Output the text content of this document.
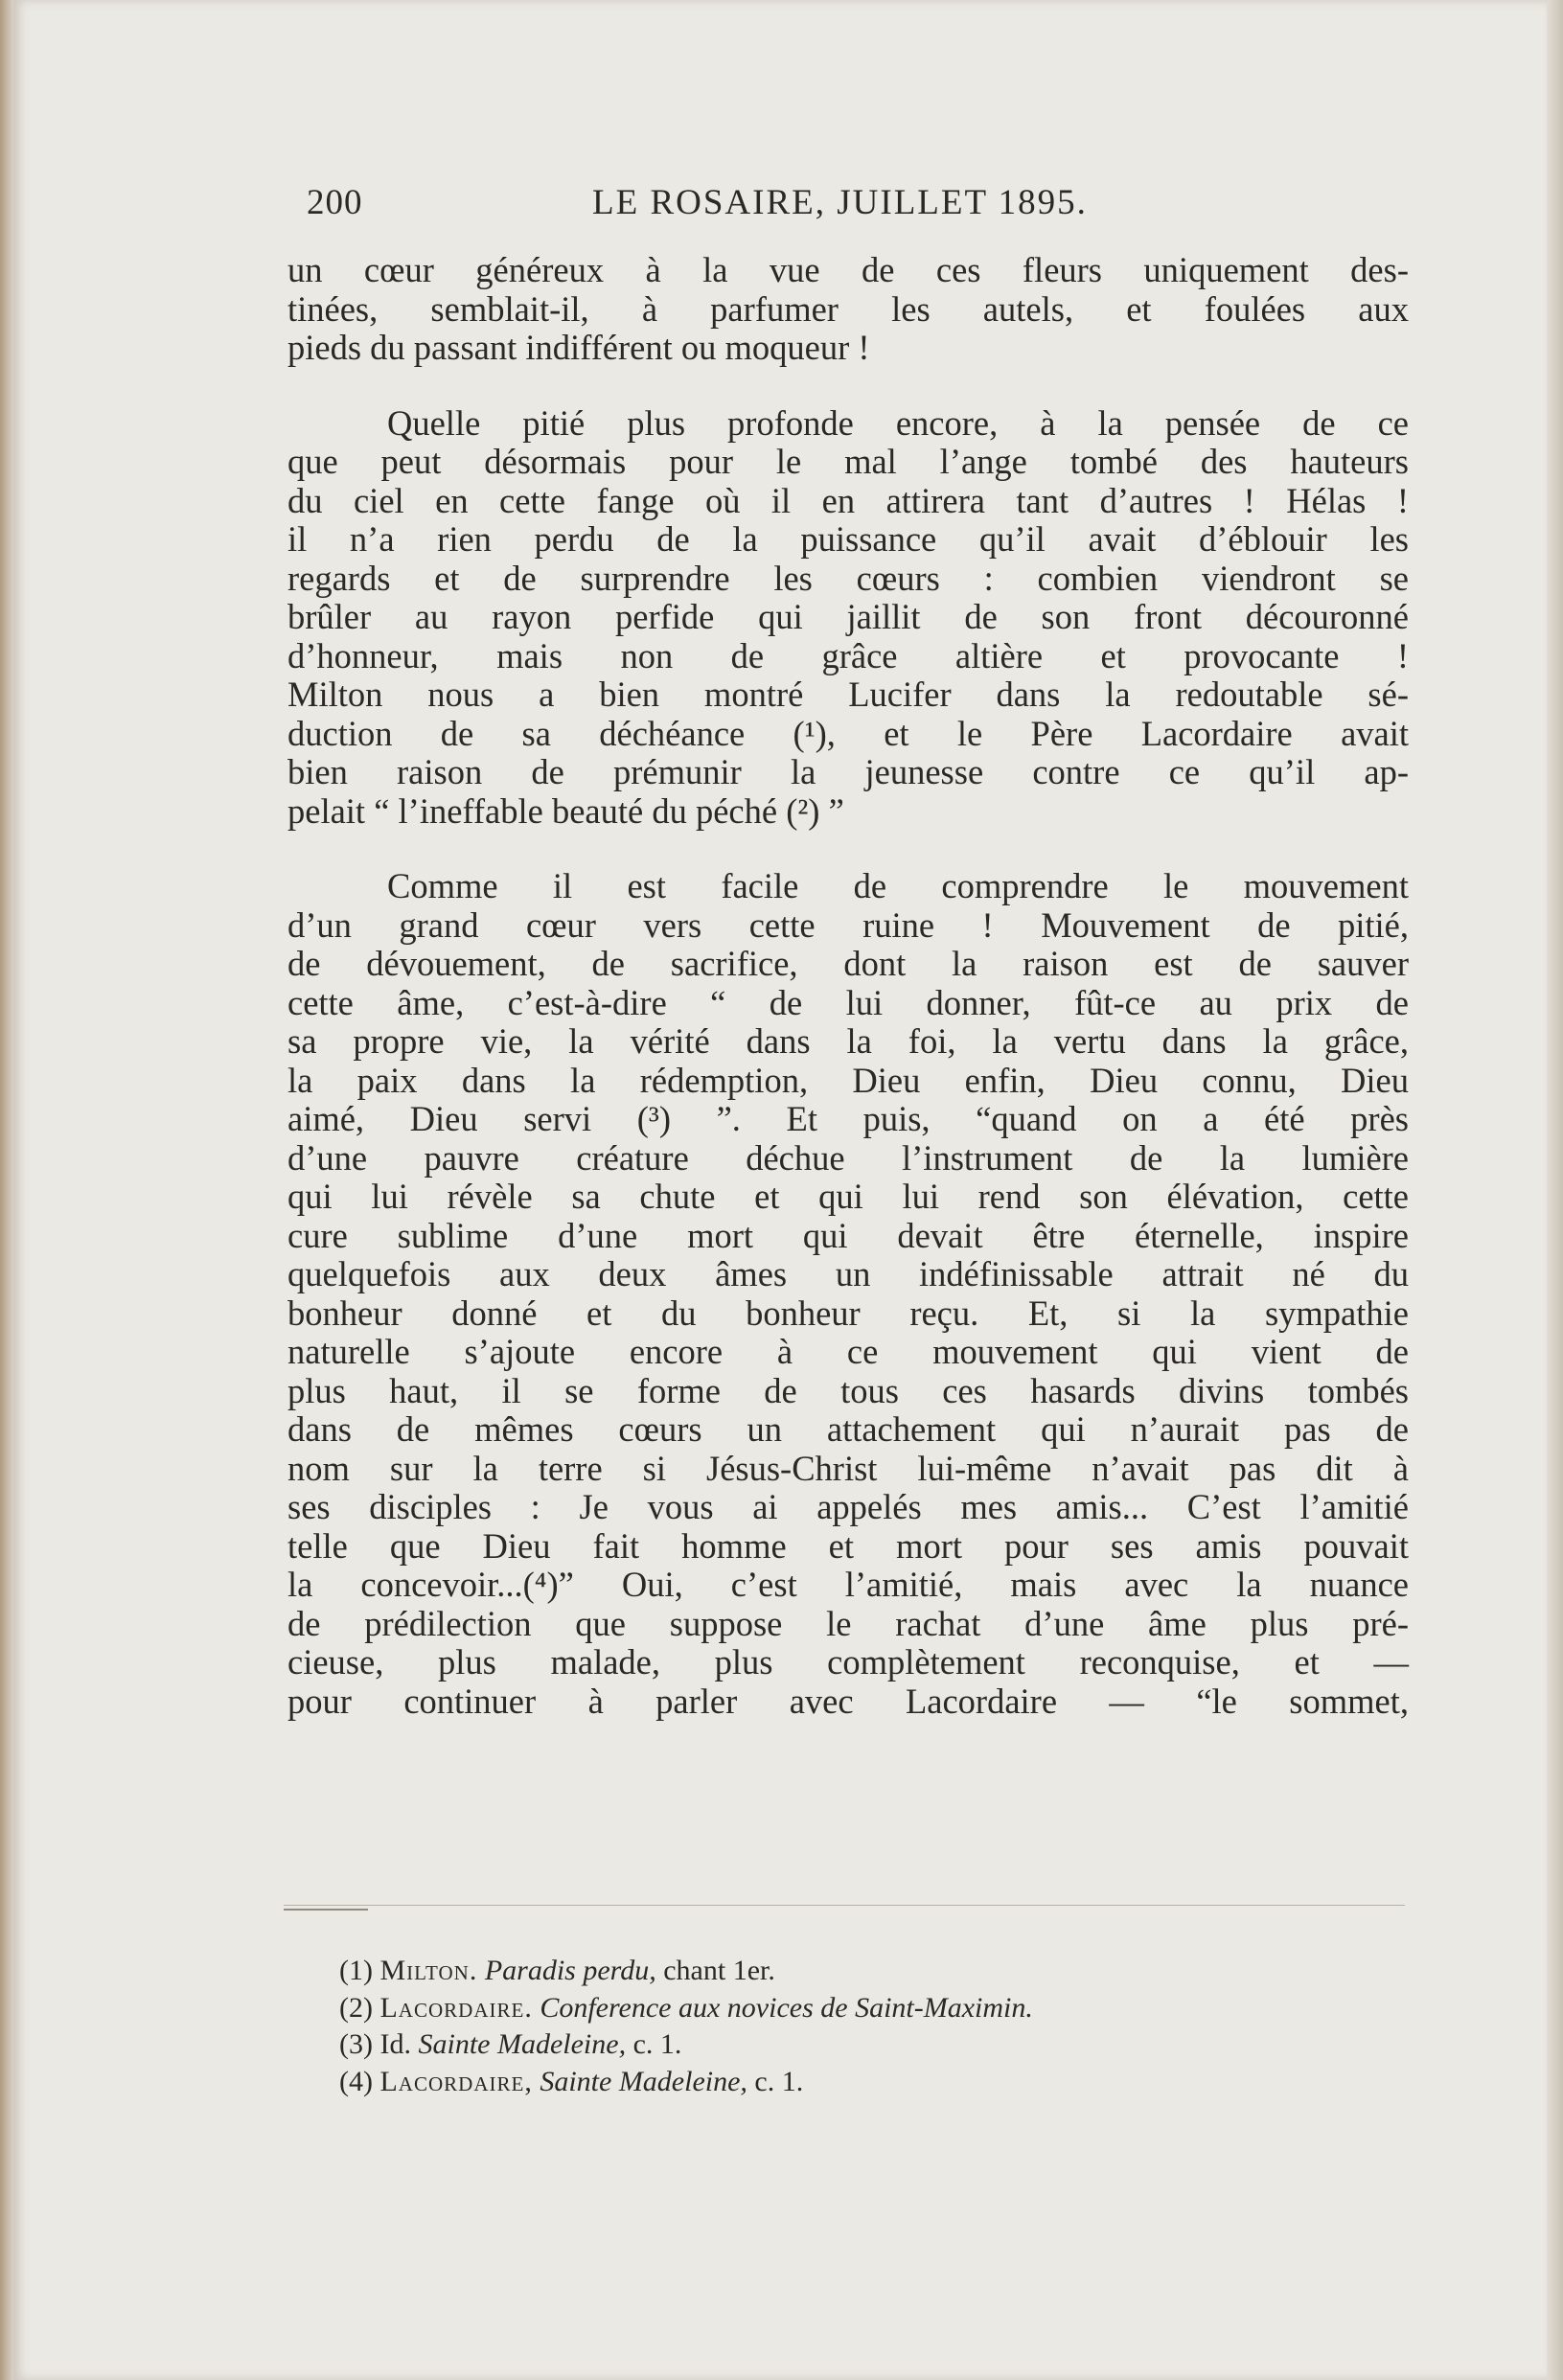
200	LE ROSAIRE, JUILLET 1895.
un cœur généreux à la vue de ces fleurs uniquement des-
tinées, semblait-il, à parfumer les autels, et foulées aux
pieds du passant indifférent ou moqueur !
Quelle pitié plus profonde encore, à la pensée de ce
que peut désormais pour le mal l’ange tombé des hauteurs
du ciel en cette fange où il en attirera tant d’autres ! Hélas !
il n’a rien perdu de la puissance qu’il avait d’éblouir les
regards et de surprendre les cœurs : combien viendront se
brûler au rayon perfide qui jaillit de son front découronné
d’honneur, mais non de grâce altière et provocante !
Milton nous a bien montré Lucifer dans la redoutable sé-
duction de sa déchéance (¹), et le Père Lacordaire avait
bien raison de prémunir la jeunesse contre ce qu’il ap-
pelait “ l’ineffable beauté du péché (²) ”
Comme il est facile de comprendre le mouvement
d’un grand cœur vers cette ruine ! Mouvement de pitié,
de dévouement, de sacrifice, dont la raison est de sauver
cette âme, c’est-à-dire “ de lui donner, fût-ce au prix de
sa propre vie, la vérité dans la foi, la vertu dans la grâce,
la paix dans la rédemption, Dieu enfin, Dieu connu, Dieu
aimé, Dieu servi (³) ”. Et puis, “quand on a été près
d’une pauvre créature déchue l’instrument de la lumière
qui lui révèle sa chute et qui lui rend son élévation, cette
cure sublime d’une mort qui devait être éternelle, inspire
quelquefois aux deux âmes un indéfinissable attrait né du
bonheur donné et du bonheur reçu. Et, si la sympathie
naturelle s’ajoute encore à ce mouvement qui vient de
plus haut, il se forme de tous ces hasards divins tombés
dans de mêmes cœurs un attachement qui n’aurait pas de
nom sur la terre si Jésus-Christ lui-même n’avait pas dit à
ses disciples : Je vous ai appelés mes amis... C’est l’amitié
telle que Dieu fait homme et mort pour ses amis pouvait
la concevoir...(⁴)” Oui, c’est l’amitié, mais avec la nuance
de prédilection que suppose le rachat d’une âme plus pré-
cieuse, plus malade, plus complètement reconquise, et —
pour continuer à parler avec Lacordaire — “le sommet,
(1) Milton. Paradis perdu, chant 1er.
(2) Lacordaire. Conference aux novices de Saint-Maximin.
(3) Id. Sainte Madeleine, c. 1.
(4) Lacordaire, Sainte Madeleine, c. 1.
